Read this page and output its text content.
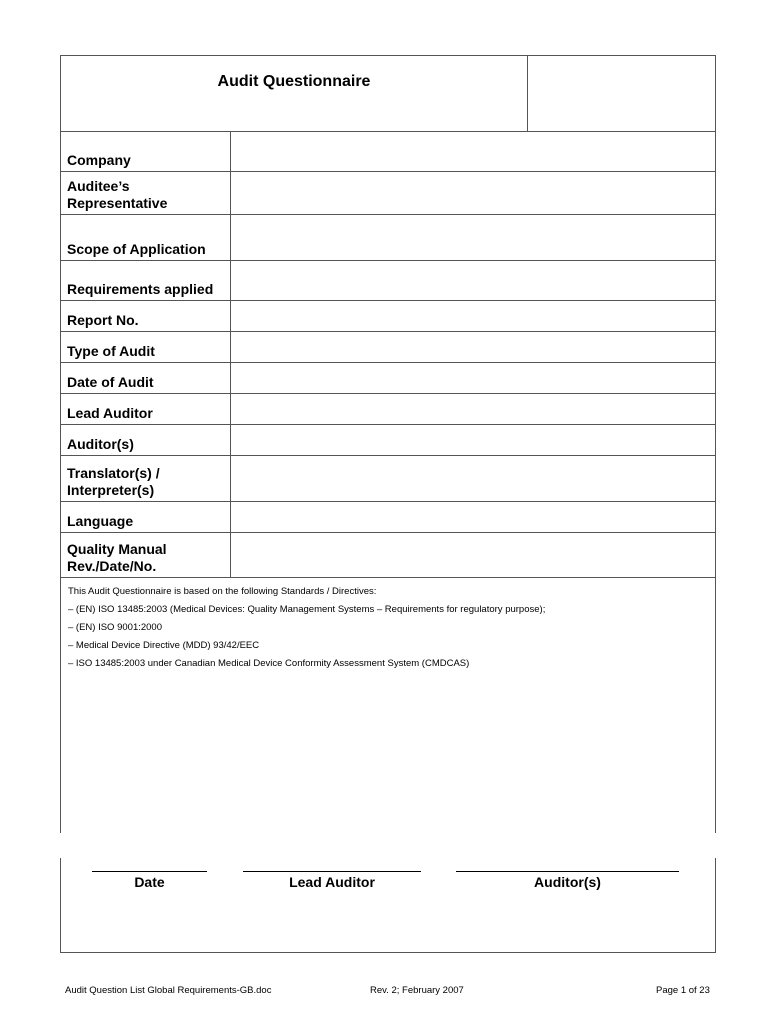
Audit Questionnaire
Company	
Auditee’s Representative	
Scope of Application	
Requirements applied	
Report No.	
Type of Audit	
Date of Audit	
Lead Auditor	
Auditor(s)	
Translator(s) / Interpreter(s)	
Language	
Quality Manual Rev./Date/No.	
This Audit Questionnaire is based on the following Standards / Directives:
– (EN) ISO 13485:2003 (Medical Devices: Quality Management Systems – Requirements for regulatory purpose);
– (EN) ISO 9001:2000
– Medical Device Directive (MDD) 93/42/EEC
– ISO 13485:2003 under Canadian Medical Device Conformity Assessment System (CMDCAS)
Date	Lead Auditor	Auditor(s)
Audit Question List Global Requirements-GB.doc	Rev. 2; February 2007	Page 1 of 23
